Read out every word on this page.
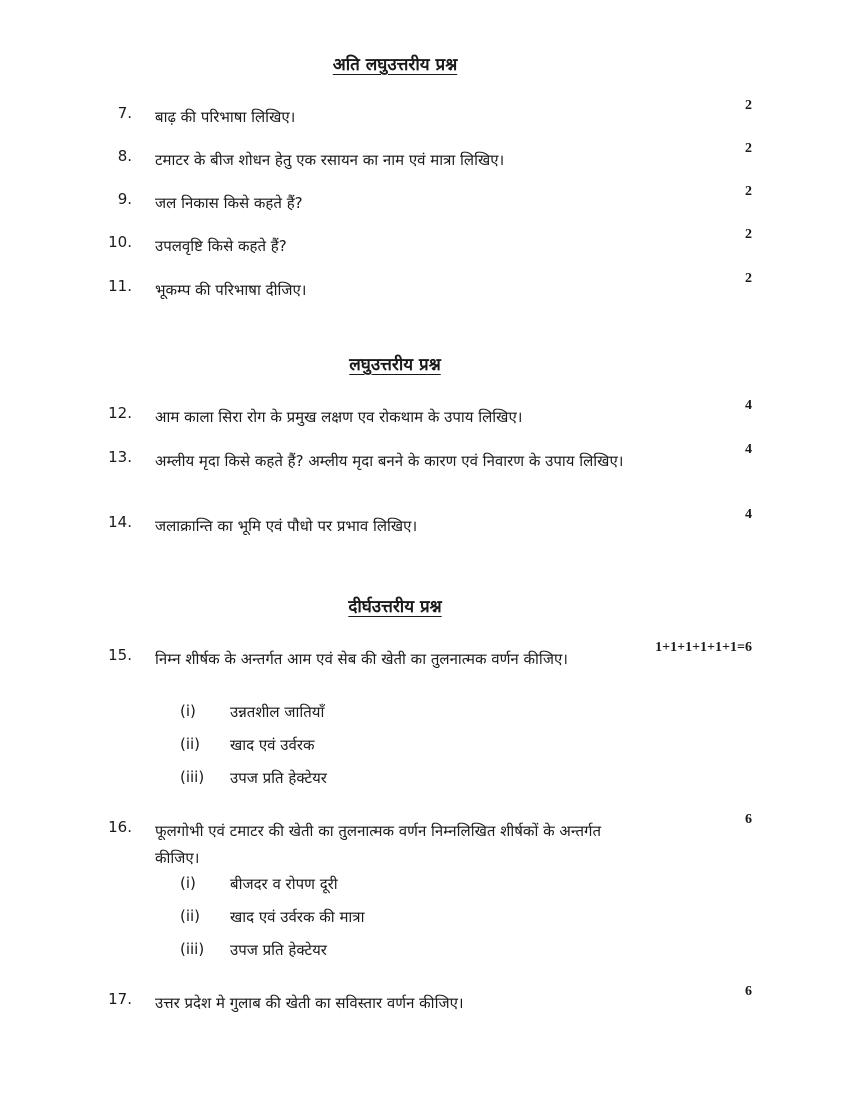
अति लघुउत्तरीय प्रश्न
7. बाढ़ की परिभाषा लिखिए।
2
8. टमाटर के बीज शोधन हेतु एक रसायन का नाम एवं मात्रा लिखिए।
2
9. जल निकास किसे कहते हैं?
2
10. उपलवृष्टि किसे कहते हैं?
2
11. भूकम्प की परिभाषा दीजिए।
2
लघुउत्तरीय प्रश्न
12. आम काला सिरा रोग के प्रमुख लक्षण एव रोकथाम के उपाय लिखिए।
4
13. अम्लीय मृदा किसे कहते हैं? अम्लीय मृदा बनने के कारण एवं निवारण के उपाय लिखिए।
4
14. जलाक्रान्ति का भूमि एवं पौधो पर प्रभाव लिखिए।
4
दीर्घउत्तरीय प्रश्न
15. निम्न शीर्षक के अन्तर्गत आम एवं सेब की खेती का तुलनात्मक वर्णन कीजिए।
1+1+1+1+1+1=6
(i) उन्नतशील जातियाँ
(ii) खाद एवं उर्वरक
(iii) उपज प्रति हेक्टेयर
16. फूलगोभी एवं टमाटर की खेती का तुलनात्मक वर्णन निम्नलिखित शीर्षकों के अन्तर्गत कीजिए।
6
(i) बीजदर व रोपण दूरी
(ii) खाद एवं उर्वरक की मात्रा
(iii) उपज प्रति हेक्टेयर
17. उत्तर प्रदेश मे गुलाब की खेती का सविस्तार वर्णन कीजिए।
6
